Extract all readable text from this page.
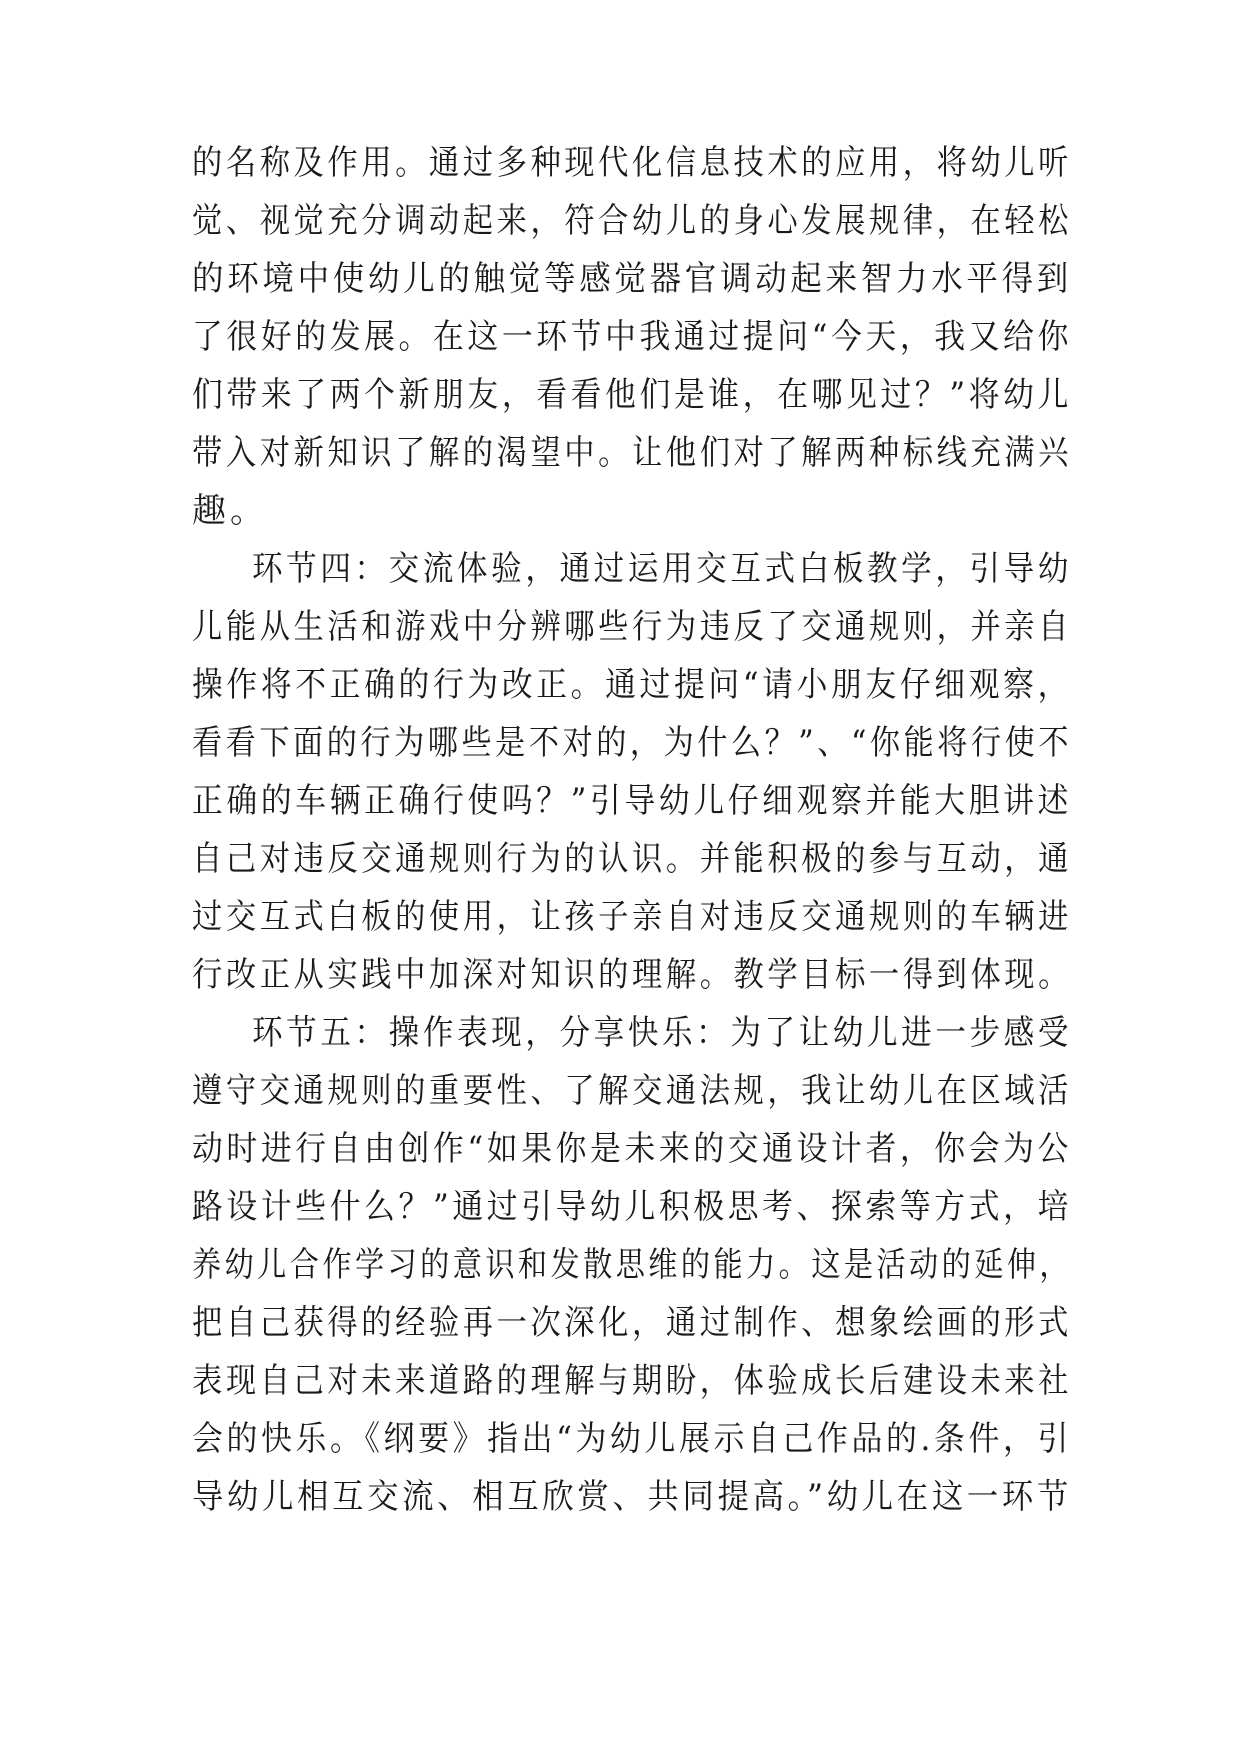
的名称及作用。通过多种现代化信息技术的应用，将幼儿听
觉、视觉充分调动起来，符合幼儿的身心发展规律，在轻松
的环境中使幼儿的触觉等感觉器官调动起来智力水平得到
了很好的发展。在这一环节中我通过提问“今天，我又给你
们带来了两个新朋友，看看他们是谁，在哪见过？”将幼儿
带入对新知识了解的渴望中。让他们对了解两种标线充满兴
趣。
环节四：交流体验，通过运用交互式白板教学，引导幼
儿能从生活和游戏中分辨哪些行为违反了交通规则，并亲自
操作将不正确的行为改正。通过提问“请小朋友仔细观察，
看看下面的行为哪些是不对的，为什么？”、“你能将行使不
正确的车辆正确行使吗？”引导幼儿仔细观察并能大胆讲述
自己对违反交通规则行为的认识。并能积极的参与互动，通
过交互式白板的使用，让孩子亲自对违反交通规则的车辆进
行改正从实践中加深对知识的理解。教学目标一得到体现。
环节五：操作表现，分享快乐：为了让幼儿进一步感受
遵守交通规则的重要性、了解交通法规，我让幼儿在区域活
动时进行自由创作“如果你是未来的交通设计者，你会为公
路设计些什么？”通过引导幼儿积极思考、探索等方式，培
养幼儿合作学习的意识和发散思维的能力。这是活动的延伸，
把自己获得的经验再一次深化，通过制作、想象绘画的形式
表现自己对未来道路的理解与期盼，体验成长后建设未来社
会的快乐。《纲要》指出“为幼儿展示自己作品的.条件，引
导幼儿相互交流、相互欣赏、共同提高。”幼儿在这一环节
